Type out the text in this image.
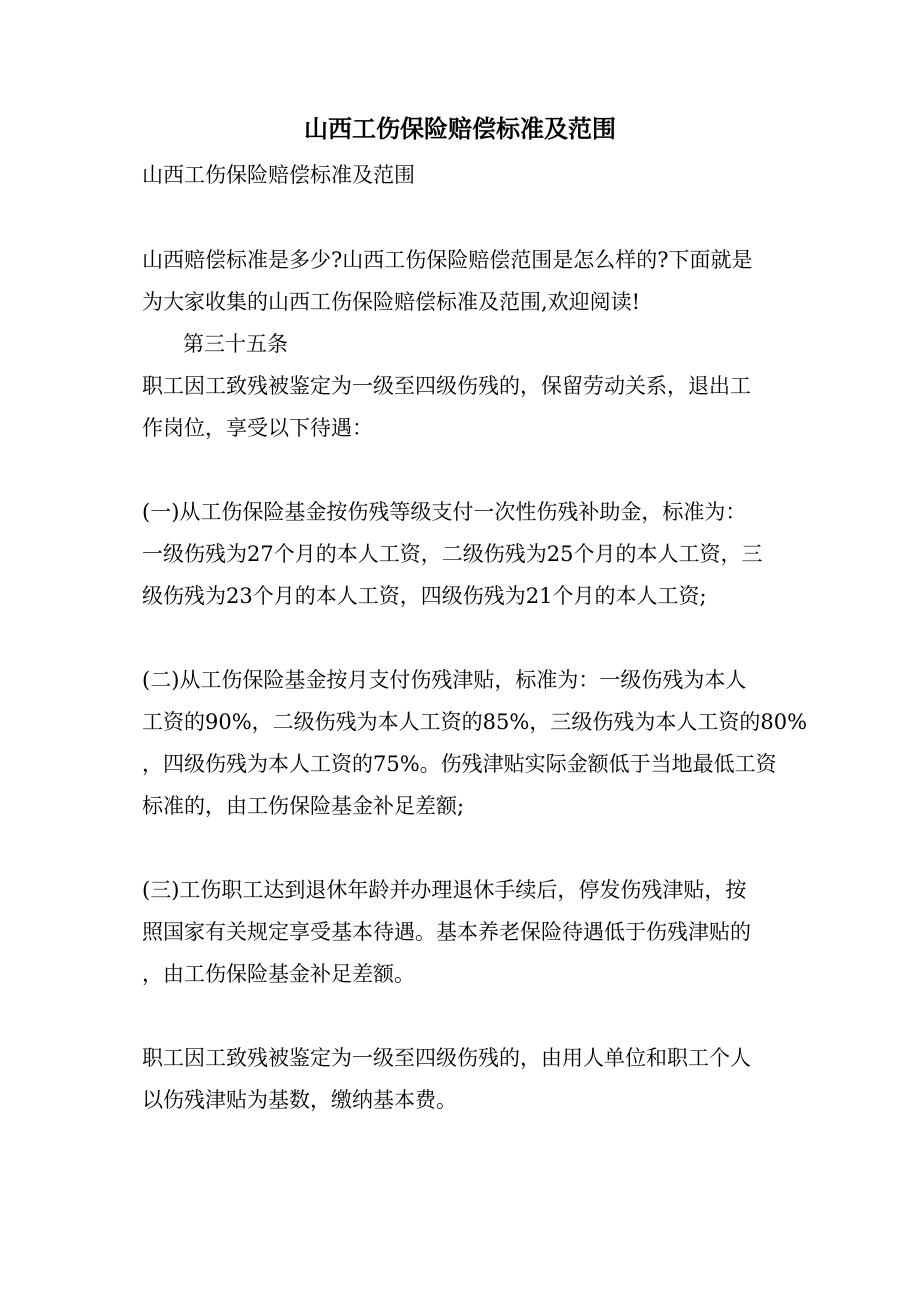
山西工伤保险赔偿标准及范围
山西工伤保险赔偿标准及范围
山西赔偿标准是多少?山西工伤保险赔偿范围是怎么样的?下面就是
为大家收集的山西工伤保险赔偿标准及范围,欢迎阅读!
第三十五条
职工因工致残被鉴定为一级至四级伤残的，保留劳动关系，退出工
作岗位，享受以下待遇：
(一)从工伤保险基金按伤残等级支付一次性伤残补助金，标准为：
一级伤残为27个月的本人工资，二级伤残为25个月的本人工资，三
级伤残为23个月的本人工资，四级伤残为21个月的本人工资;
(二)从工伤保险基金按月支付伤残津贴，标准为：一级伤残为本人
工资的90%，二级伤残为本人工资的85%，三级伤残为本人工资的80%
，四级伤残为本人工资的75%。伤残津贴实际金额低于当地最低工资
标准的，由工伤保险基金补足差额;
(三)工伤职工达到退休年龄并办理退休手续后，停发伤残津贴，按
照国家有关规定享受基本待遇。基本养老保险待遇低于伤残津贴的
，由工伤保险基金补足差额。
职工因工致残被鉴定为一级至四级伤残的，由用人单位和职工个人
以伤残津贴为基数，缴纳基本费。
